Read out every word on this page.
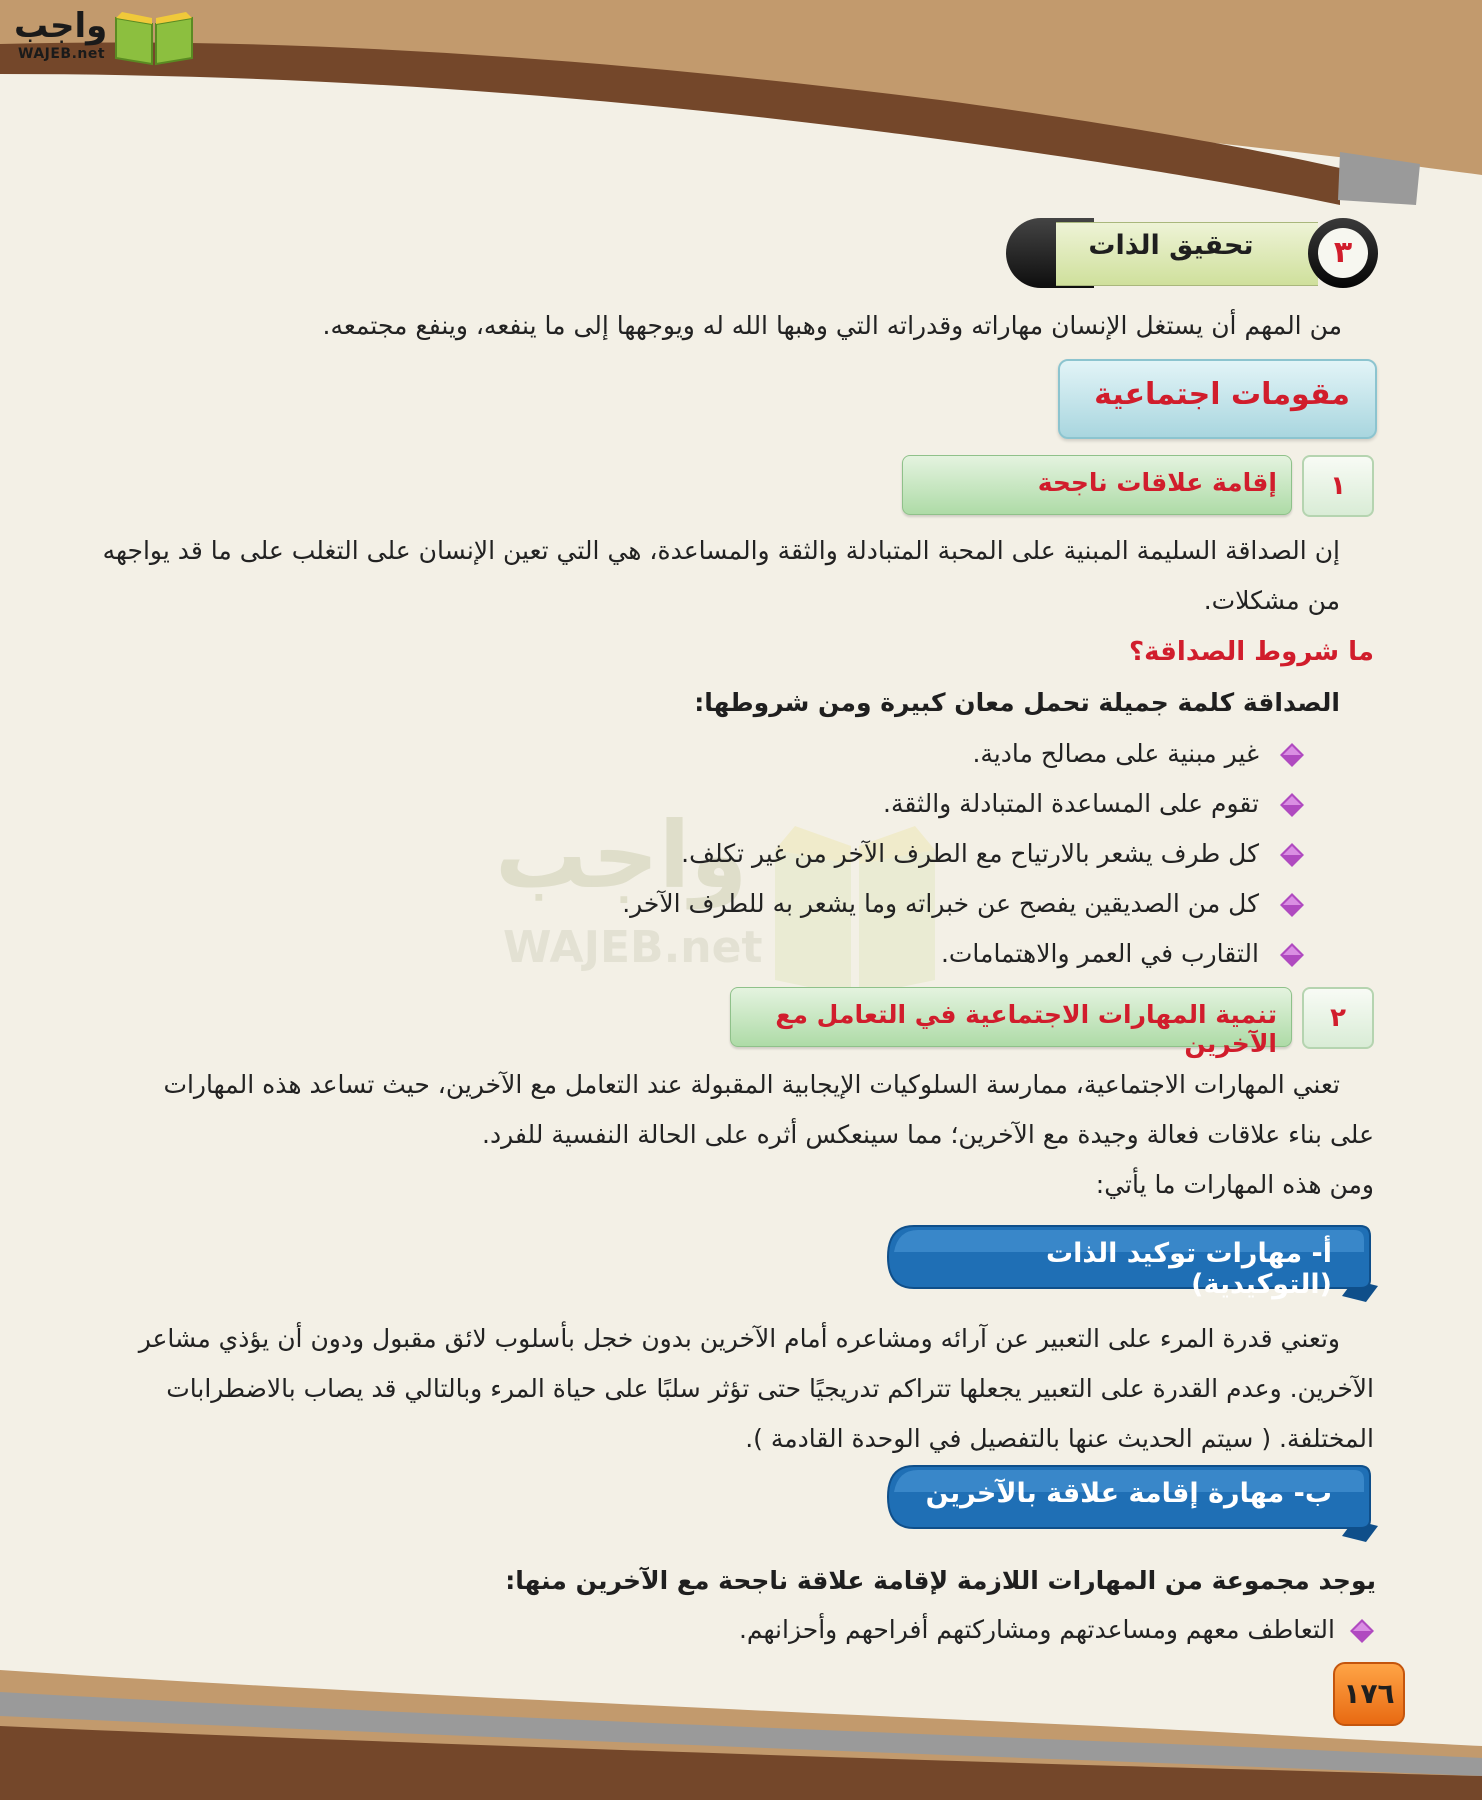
واجب
WAJEB.net
واجب
WAJEB.net
تحقيق الذات	٣
من المهم أن يستغل الإنسان مهاراته وقدراته التي وهبها الله له ويوجهها إلى ما ينفعه، وينفع مجتمعه.
مقومات اجتماعية
١
إقامة علاقات ناجحة
إن الصداقة السليمة المبنية على المحبة المتبادلة والثقة والمساعدة، هي التي تعين الإنسان على التغلب على ما قد يواجهه
من مشكلات.
ما شروط الصداقة؟
الصداقة كلمة جميلة تحمل معان كبيرة ومن شروطها:
غير مبنية على مصالح مادية.
تقوم على المساعدة المتبادلة والثقة.
كل طرف يشعر بالارتياح مع الطرف الآخر من غير تكلف.
كل من الصديقين يفصح عن خبراته وما يشعر به للطرف الآخر.
التقارب في العمر والاهتمامات.
٢
تنمية المهارات الاجتماعية في التعامل مع الآخرين
تعني المهارات الاجتماعية، ممارسة السلوكيات الإيجابية المقبولة عند التعامل مع الآخرين، حيث تساعد هذه المهارات
على بناء علاقات فعالة وجيدة مع الآخرين؛ مما سينعكس أثره على الحالة النفسية للفرد.
ومن هذه المهارات ما يأتي:
أ- مهارات توكيد الذات (التوكيدية)
وتعني قدرة المرء على التعبير عن آرائه ومشاعره أمام الآخرين بدون خجل بأسلوب لائق مقبول ودون أن يؤذي مشاعر
الآخرين. وعدم القدرة على التعبير يجعلها تتراكم تدريجيًا حتى تؤثر سلبًا على حياة المرء وبالتالي قد يصاب بالاضطرابات
المختلفة. ( سيتم الحديث عنها بالتفصيل في الوحدة القادمة ).
ب- مهارة إقامة علاقة بالآخرين
يوجد مجموعة من المهارات اللازمة لإقامة علاقة ناجحة مع الآخرين منها:
التعاطف معهم ومساعدتهم ومشاركتهم أفراحهم وأحزانهم.
١٧٦
